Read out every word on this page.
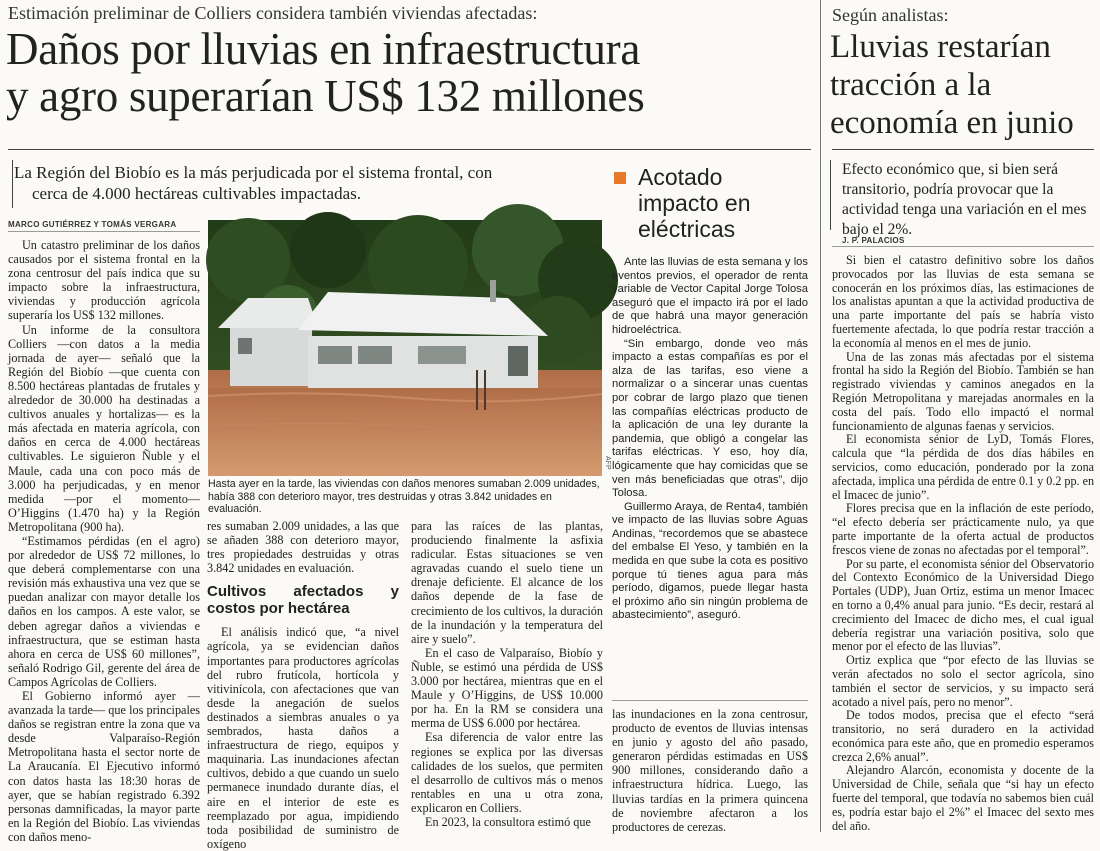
Estimación preliminar de Colliers considera también viviendas afectadas:
Daños por lluvias en infraestructura
y agro superarían US$ 132 millones
La Región del Biobío es la más perjudicada por el sistema frontal, con
cerca de 4.000 hectáreas cultivables impactadas.
MARCO GUTIÉRREZ Y TOMÁS VERGARA

Un catastro preliminar de los daños causados por el sistema frontal en la zona centrosur del país indica que su impacto sobre la infraestructura, viviendas y producción agrícola superaría los US$ 132 millones.

Un informe de la consultora Colliers —con datos a la media jornada de ayer— señaló que la Región del Biobío —que cuenta con 8.500 hectáreas plantadas de frutales y alrededor de 30.000 ha destinadas a cultivos anuales y hortalizas— es la más afectada en materia agrícola, con daños en cerca de 4.000 hectáreas cultivables. Le siguieron Ñuble y el Maule, cada una con poco más de 3.000 ha perjudicadas, y en menor medida —por el momento— O’Higgins (1.470 ha) y la Región Metropolitana (900 ha).

“Estimamos pérdidas (en el agro) por alrededor de US$ 72 millones, lo que deberá complementarse con una revisión más exhaustiva una vez que se puedan analizar con mayor detalle los daños en los campos. A este valor, se deben agregar daños a viviendas e infraestructura, que se estiman hasta ahora en cerca de US$ 60 millones”, señaló Rodrigo Gil, gerente del área de Campos Agrícolas de Colliers.

El Gobierno informó ayer —avanzada la tarde— que los principales daños se registran entre la zona que va desde Valparaíso-Región Metropolitana hasta el sector norte de La Araucanía. El Ejecutivo informó con datos hasta las 18:30 horas de ayer, que se habían registrado 6.392 personas damnificadas, la mayor parte en la Región del Biobío. Las viviendas con daños meno-

AFP
Hasta ayer en la tarde, las viviendas con daños menores sumaban 2.009 unidades, había 388 con deterioro mayor, tres destruidas y otras 3.842 unidades en evaluación.

res sumaban 2.009 unidades, a las que se añaden 388 con deterioro mayor, tres propiedades destruidas y otras 3.842 unidades en evaluación.

Cultivos afectados y costos por hectárea

El análisis indicó que, “a nivel agrícola, ya se evidencian daños importantes para productores agrícolas del rubro frutícola, hortícola y vitivinícola, con afectaciones que van desde la anegación de suelos destinados a siembras anuales o ya sembrados, hasta daños a infraestructura de riego, equipos y maquinaria. Las inundaciones afectan cultivos, debido a que cuando un suelo permanece inundado durante días, el aire en el interior de este es reemplazado por agua, impidiendo toda posibilidad de suministro de oxígeno

para las raíces de las plantas, produciendo finalmente la asfixia radicular. Estas situaciones se ven agravadas cuando el suelo tiene un drenaje deficiente. El alcance de los daños depende de la fase de crecimiento de los cultivos, la duración de la inundación y la temperatura del aire y suelo”.

En el caso de Valparaíso, Biobío y Ñuble, se estimó una pérdida de US$ 3.000 por hectárea, mientras que en el Maule y O’Higgins, de US$ 10.000 por ha. En la RM se considera una merma de US$ 6.000 por hectárea.

Esa diferencia de valor entre las regiones se explica por las diversas calidades de los suelos, que permiten el desarrollo de cultivos más o menos rentables en una u otra zona, explicaron en Colliers.

En 2023, la consultora estimó que

las inundaciones en la zona centrosur, producto de eventos de lluvias intensas en junio y agosto del año pasado, generaron pérdidas estimadas en US$ 900 millones, considerando daño a infraestructura hídrica. Luego, las lluvias tardías en la primera quincena de noviembre afectaron a los productores de cerezas.

Acotado impacto en eléctricas

Ante las lluvias de esta semana y los eventos previos, el operador de renta variable de Vector Capital Jorge Tolosa aseguró que el impacto irá por el lado de que habrá una mayor generación hidroeléctrica.

“Sin embargo, donde veo más impacto a estas compañías es por el alza de las tarifas, eso viene a normalizar o a sincerar unas cuentas por cobrar de largo plazo que tienen las compañías eléctricas producto de la aplicación de una ley durante la pandemia, que obligó a congelar las tarifas eléctricas. Y eso, hoy día, lógicamente que hay comicidas que se ven más beneficiadas que otras”, dijo Tolosa.

Guillermo Araya, de Renta4, también ve impacto de las lluvias sobre Aguas Andinas, “recordemos que se abastece del embalse El Yeso, y también en la medida en que sube la cota es positivo porque tú tienes agua para más período, digamos, puede llegar hasta el próximo año sin ningún problema de abastecimiento”, aseguró.

Según analistas:
Lluvias restarían
tracción a la
economía en junio
Efecto económico que, si bien será transitorio, podría provocar que la actividad tenga una variación en el mes bajo el 2%.
J. P. PALACIOS

Si bien el catastro definitivo sobre los daños provocados por las lluvias de esta semana se conocerán en los próximos días, las estimaciones de los analistas apuntan a que la actividad productiva de una parte importante del país se habría visto fuertemente afectada, lo que podría restar tracción a la economía al menos en el mes de junio.

Una de las zonas más afectadas por el sistema frontal ha sido la Región del Biobío. También se han registrado viviendas y caminos anegados en la Región Metropolitana y marejadas anormales en la costa del país. Todo ello impactó el normal funcionamiento de algunas faenas y servicios.

El economista sénior de LyD, Tomás Flores, calcula que “la pérdida de dos días hábiles en servicios, como educación, ponderado por la zona afectada, implica una pérdida de entre 0.1 y 0.2 pp. en el Imacec de junio”.

Flores precisa que en la inflación de este período, “el efecto debería ser prácticamente nulo, ya que parte importante de la oferta actual de productos frescos viene de zonas no afectadas por el temporal”.

Por su parte, el economista sénior del Observatorio del Contexto Económico de la Universidad Diego Portales (UDP), Juan Ortiz, estima un menor Imacec en torno a 0,4% anual para junio. “Es decir, restará al crecimiento del Imacec de dicho mes, el cual igual debería registrar una variación positiva, solo que menor por el efecto de las lluvias”.

Ortiz explica que “por efecto de las lluvias se verán afectados no solo el sector agrícola, sino también el sector de servicios, y su impacto será acotado a nivel país, pero no menor”.

De todos modos, precisa que el efecto “será transitorio, no será duradero en la actividad económica para este año, que en promedio esperamos crezca 2,6% anual”.

Alejandro Alarcón, economista y docente de la Universidad de Chile, señala que “si hay un efecto fuerte del temporal, que todavía no sabemos bien cuál es, podría estar bajo el 2%” el Imacec del sexto mes del año.
